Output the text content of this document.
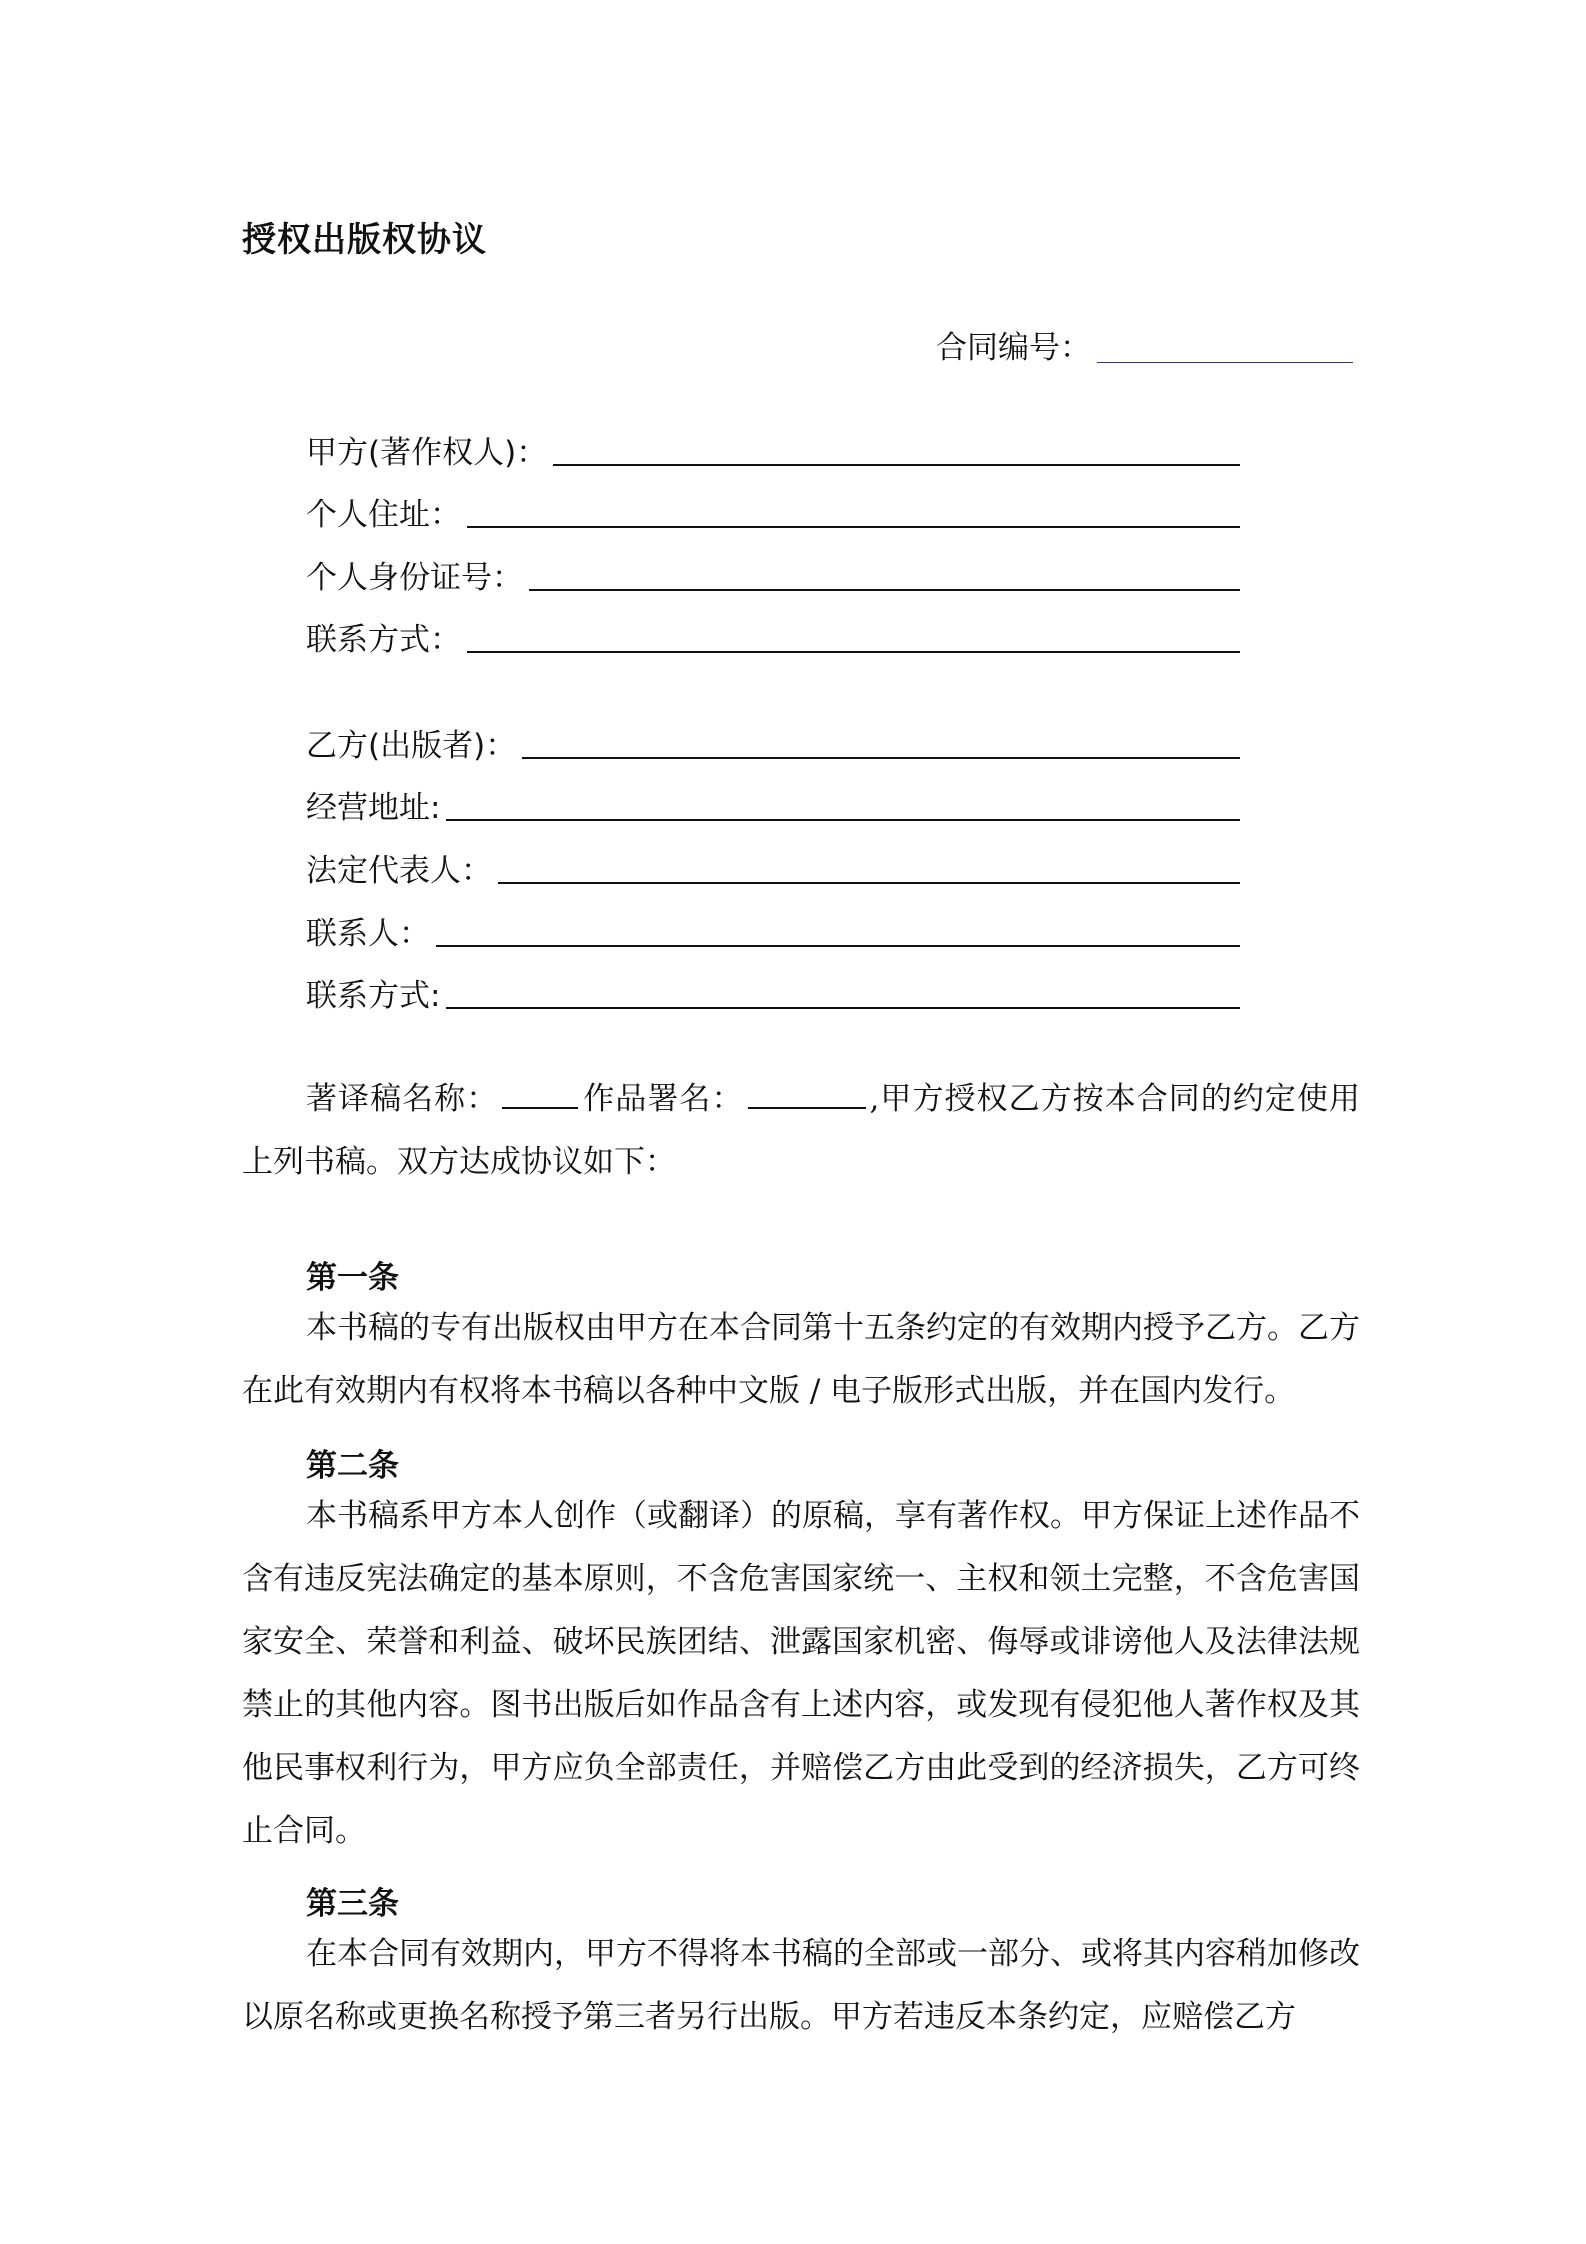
授权出版权协议
合同编号：
甲方(著作权人)：
个人住址：
个人身份证号：
联系方式：
乙方(出版者)：
经营地址:
法定代表人：
联系人：
联系方式:
著译稿名称：	作品署名：	,甲方授权乙方按本合同的约定使用上列书稿。双方达成协议如下：
第一条
本书稿的专有出版权由甲方在本合同第十五条约定的有效期内授予乙方。乙方在此有效期内有权将本书稿以各种中文版 / 电子版形式出版，并在国内发行。
第二条
本书稿系甲方本人创作（或翻译）的原稿，享有著作权。甲方保证上述作品不含有违反宪法确定的基本原则，不含危害国家统一、主权和领土完整，不含危害国家安全、荣誉和利益、破坏民族团结、泄露国家机密、侮辱或诽谤他人及法律法规禁止的其他内容。图书出版后如作品含有上述内容，或发现有侵犯他人著作权及其他民事权利行为，甲方应负全部责任，并赔偿乙方由此受到的经济损失，乙方可终止合同。
第三条
在本合同有效期内，甲方不得将本书稿的全部或一部分、或将其内容稍加修改以原名称或更换名称授予第三者另行出版。甲方若违反本条约定，应赔偿乙方
